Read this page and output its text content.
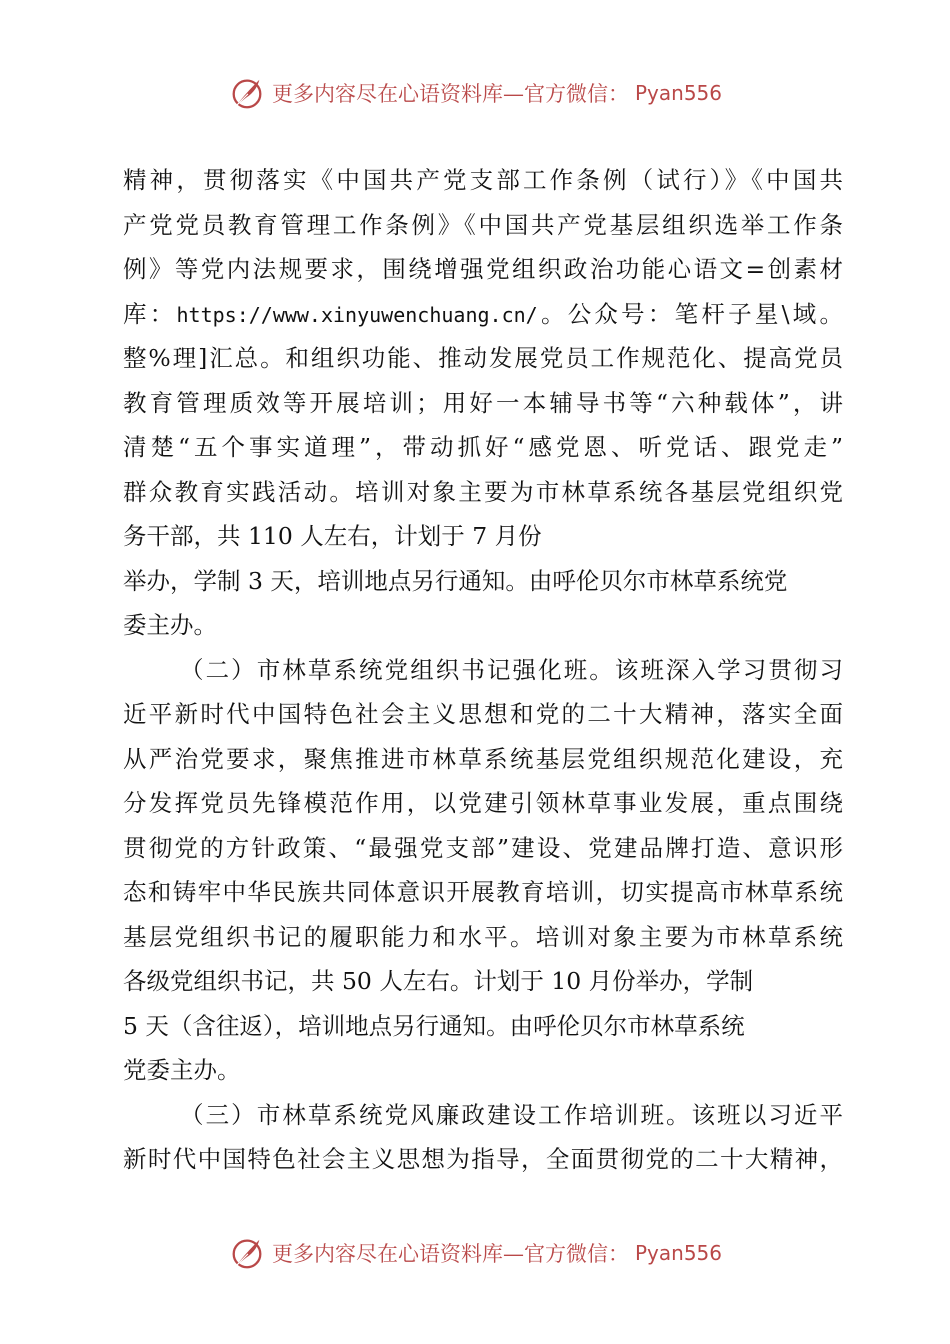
更多内容尽在心语资料库—官方微信： Pyan556
精神，贯彻落实《中国共产党支部工作条例（试行）》《中国共
产党党员教育管理工作条例》《中国共产党基层组织选举工作条
例》等党内法规要求，围绕增强党组织政治功能心语文=创素材
库：https://www.xinyuwenchuang.cn/。公众号：笔杆子星\域。
整%理]汇总。和组织功能、推动发展党员工作规范化、提高党员
教育管理质效等开展培训；用好一本辅导书等“六种载体”，讲
清楚“五个事实道理”，带动抓好“感党恩、听党话、跟党走”
群众教育实践活动。培训对象主要为市林草系统各基层党组织党
务干部，共 110 人左右，计划于 7 月份
举办，学制 3 天，培训地点另行通知。由呼伦贝尔市林草系统党
委主办。
（二）市林草系统党组织书记强化班。该班深入学习贯彻习
近平新时代中国特色社会主义思想和党的二十大精神，落实全面
从严治党要求，聚焦推进市林草系统基层党组织规范化建设，充
分发挥党员先锋模范作用，以党建引领林草事业发展，重点围绕
贯彻党的方针政策、“最强党支部”建设、党建品牌打造、意识形
态和铸牢中华民族共同体意识开展教育培训，切实提高市林草系统
基层党组织书记的履职能力和水平。培训对象主要为市林草系统
各级党组织书记，共 50 人左右。计划于 10 月份举办，学制
5 天（含往返），培训地点另行通知。由呼伦贝尔市林草系统
党委主办。
（三）市林草系统党风廉政建设工作培训班。该班以习近平
新时代中国特色社会主义思想为指导，全面贯彻党的二十大精神，
更多内容尽在心语资料库—官方微信： Pyan556
